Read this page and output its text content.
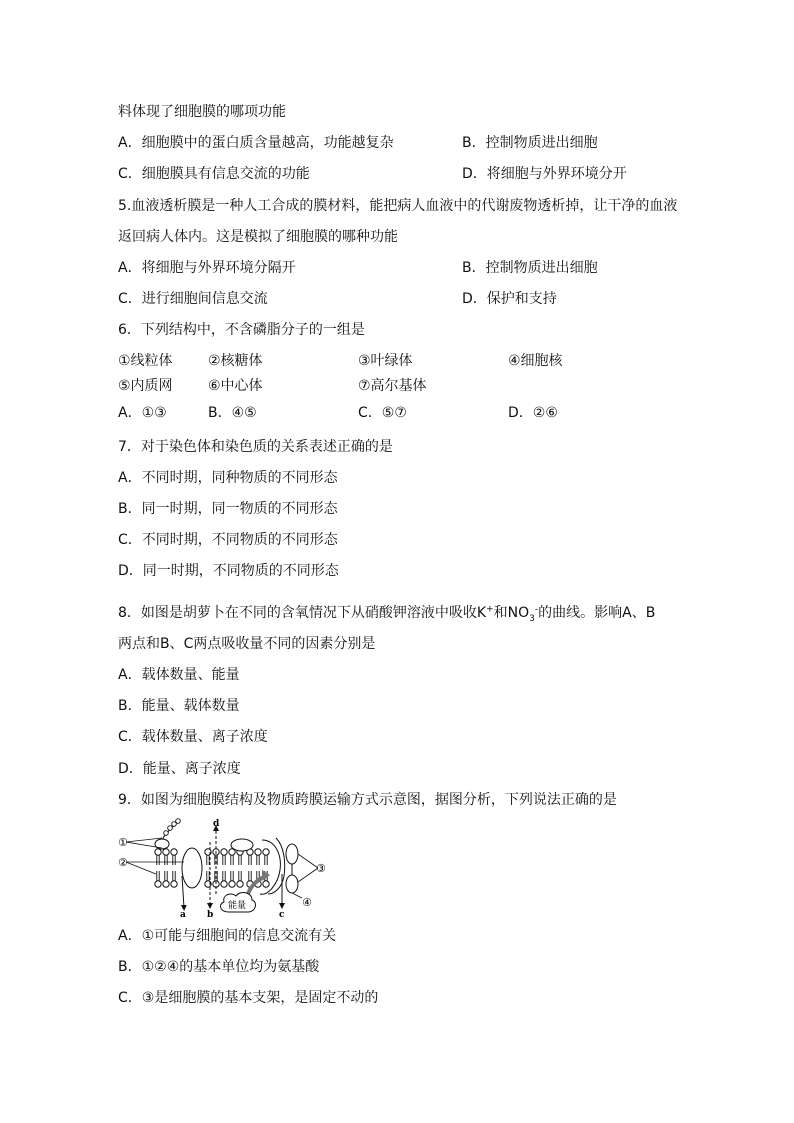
料体现了细胞膜的哪项功能
A．细胞膜中的蛋白质含量越高，功能越复杂	B．控制物质进出细胞
C．细胞膜具有信息交流的功能	D．将细胞与外界环境分开
5.血液透析膜是一种人工合成的膜材料，能把病人血液中的代谢废物透析掉，让干净的血液
返回病人体内。这是模拟了细胞膜的哪种功能
A．将细胞与外界环境分隔开	B．控制物质进出细胞
C．进行细胞间信息交流	D．保护和支持
6．下列结构中，不含磷脂分子的一组是
①线粒体	②核糖体	③叶绿体	④细胞核
⑤内质网	⑥中心体	⑦高尔基体
A．①③	B．④⑤	C．⑤⑦	D．②⑥
7．对于染色体和染色质的关系表述正确的是
A．不同时期，同种物质的不同形态
B．同一时期，同一物质的不同形态
C．不同时期，不同物质的不同形态
D．同一时期，不同物质的不同形态
8．如图是胡萝卜在不同的含氧情况下从硝酸钾溶液中吸收K+和$NO_3^-$的曲线。影响A、B
两点和B、C两点吸收量不同的因素分别是
A．载体数量、能量
B．能量、载体数量
C．载体数量、离子浓度
D．能量、离子浓度
9．如图为细胞膜结构及物质跨膜运输方式示意图，据图分析，下列说法正确的是
能量
①
②	③
④
a b	c
d
A．①可能与细胞间的信息交流有关
B．①②④的基本单位均为氨基酸
C．③是细胞膜的基本支架，是固定不动的
